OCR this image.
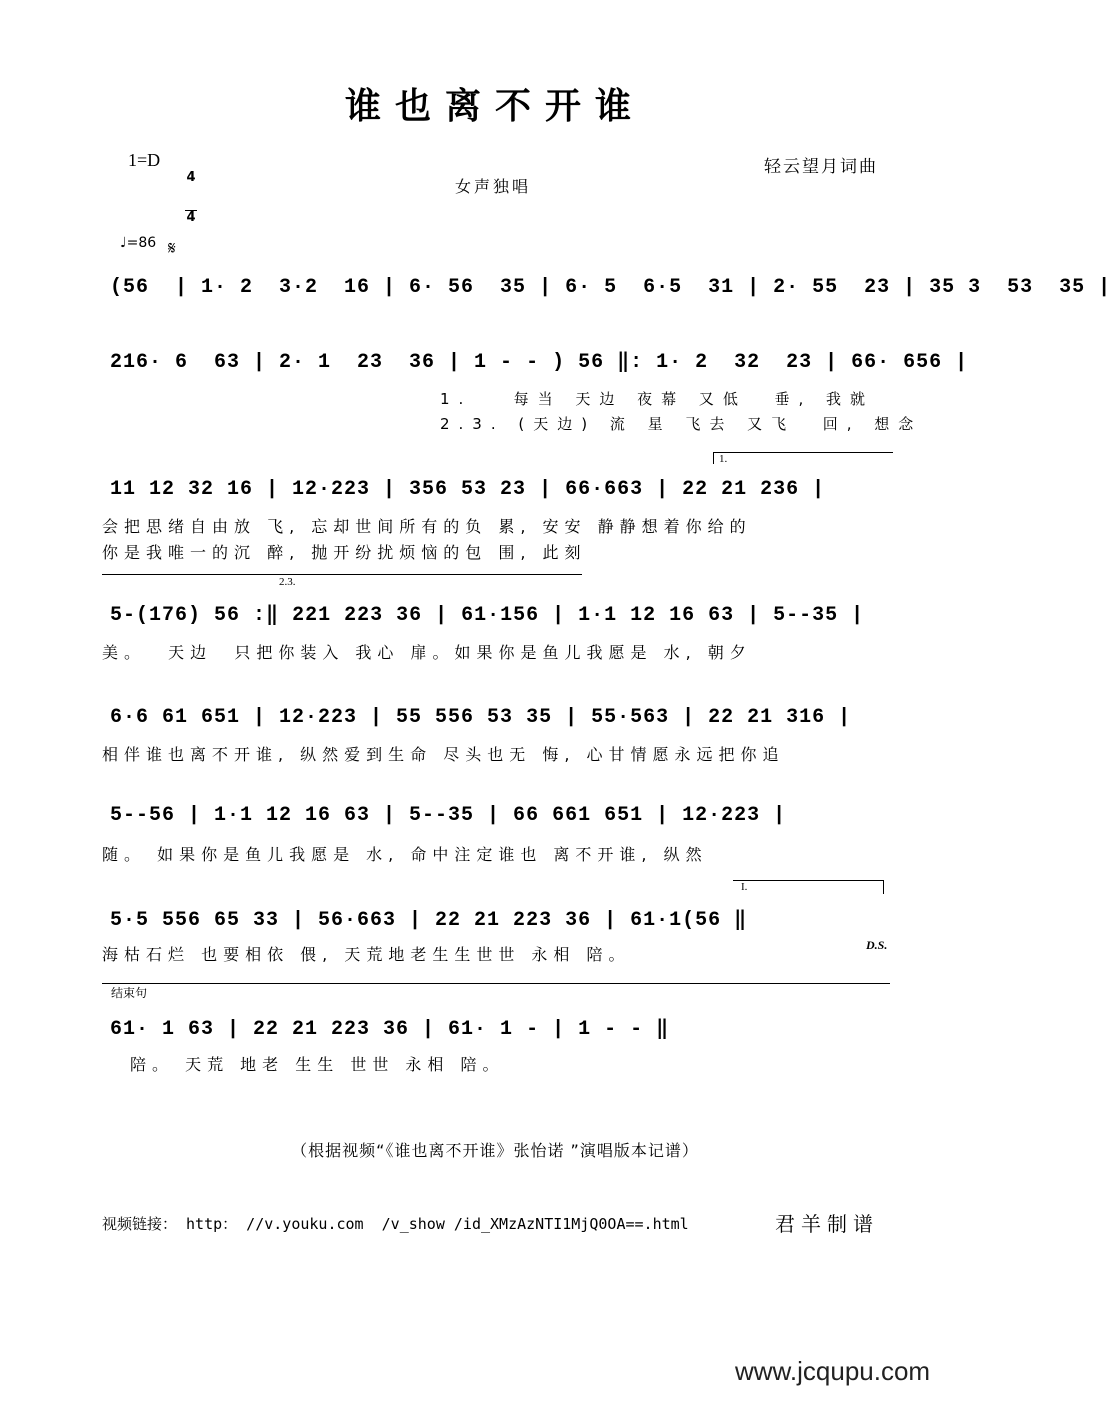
谁也离不开谁
1=D

4

4

轻云望月词曲
女声独唱
♩=86 𝄋
(56  | 1· 2  3·2  16 | 6· 56  35 | 6· 5  6·5  31 | 2· 55  23 | 35 3  53  35 |
216· 6  63 | 2· 1  23  36 | 1 - - ) 56 ‖: 1· 2  32  23 | 66· 656 |
1.   每当 天边 夜幕 又低  垂, 我就
2.3. (天边) 流 星 飞去 又飞  回, 想念
1.
11 12 32 16 | 12·223 | 356 53 23 | 66·663 | 22 21 236 |
会把思绪自由放 飞, 忘却世间所有的负 累, 安安 静静想着你给的
你是我唯一的沉 醉, 抛开纷扰烦恼的包 围, 此刻
2.3.
5-(176) 56 :‖ 221 223 36 | 61·156 | 1·1 12 16 63 | 5--35 |
美。  天边  只把你装入 我心 扉。如果你是鱼儿我愿是 水, 朝夕
6·6 61 651 | 12·223 | 55 556 53 35 | 55·563 | 22 21 316 |
相伴谁也离不开谁, 纵然爱到生命 尽头也无 悔, 心甘情愿永远把你追
5--56 | 1·1 12 16 63 | 5--35 | 66 661 651 | 12·223 |
随。 如果你是鱼儿我愿是 水, 命中注定谁也 离不开谁, 纵然
I.
5·5 556 65 33 | 56·663 | 22 21 223 36 | 61·1(56 ‖
D.S.
海枯石烂 也要相依 偎, 天荒地老生生世世 永相 陪。
结束句
61· 1 63 | 22 21 223 36 | 61· 1 - | 1 - - ‖
陪。 天荒 地老 生生 世世 永相 陪。
（根据视频“《谁也离不开谁》张怡诺 ”演唱版本记谱）
视频链接： http： //v.youku.com  /v_show /id_XMzAzNTI1MjQ0OA==.html	君羊制谱
www.jcqupu.com
